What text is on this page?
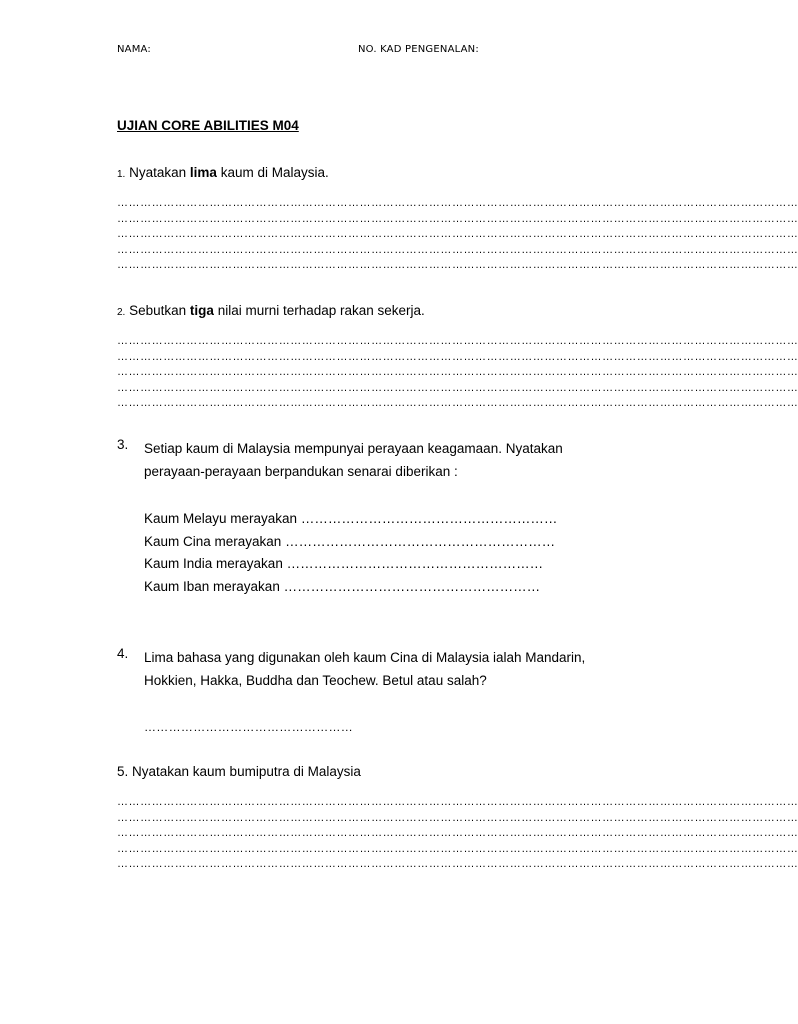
NAMA:	NO. KAD PENGENALAN:
UJIAN CORE ABILITIES M04
1. Nyatakan lima kaum di Malaysia.
……………………………………………………………………………………………………………………………………………………………
……………………………………………………………………………………………………………………………………………………………
……………………………………………………………………………………………………………………………………………………………
……………………………………………………………………………………………………………………………………………………………
……………………………………………………………………………………………………………………………………………………………
2. Sebutkan tiga nilai murni terhadap rakan sekerja.
……………………………………………………………………………………………………………………………………………………………
……………………………………………………………………………………………………………………………………………………………
……………………………………………………………………………………………………………………………………………………………
……………………………………………………………………………………………………………………………………………………………
……………………………………………………………………………………………………………………………………………………………
3. Setiap kaum di Malaysia mempunyai perayaan keagamaan. Nyatakan
perayaan-perayaan berpandukan senarai diberikan :
Kaum Melayu merayakan …………………………………………………
Kaum Cina merayakan ……………………………………………………
Kaum India merayakan …………………………………………………
Kaum Iban merayakan …………………………………………………
4. Lima bahasa yang digunakan oleh kaum Cina di Malaysia ialah Mandarin,
Hokkien, Hakka, Buddha dan Teochew. Betul atau salah?
……………………………………………
5. Nyatakan kaum bumiputra di Malaysia
……………………………………………………………………………………………………………………………………………………………
……………………………………………………………………………………………………………………………………………………………
……………………………………………………………………………………………………………………………………………………………
……………………………………………………………………………………………………………………………………………………………
……………………………………………………………………………………………………………………………………………………………
